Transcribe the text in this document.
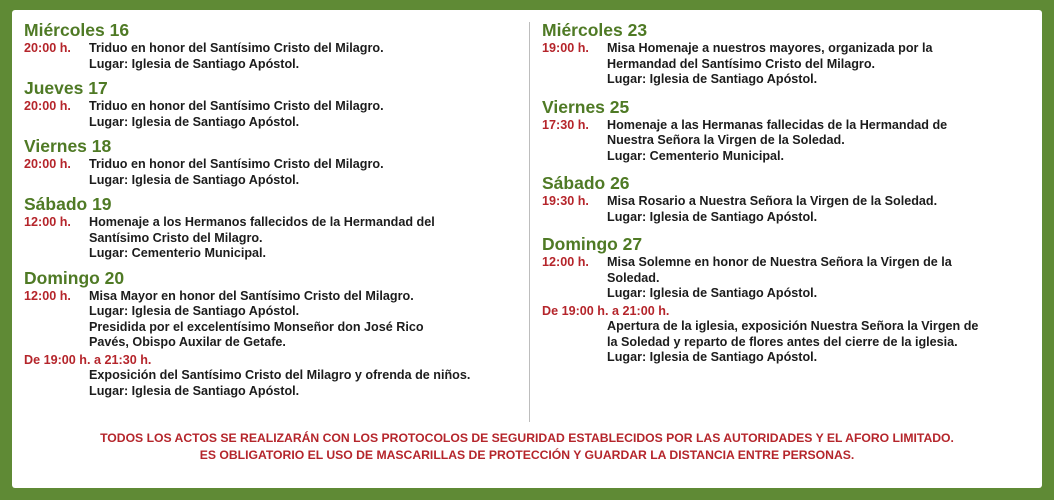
Miércoles 16
20:00 h.	Triduo en honor del Santísimo Cristo del Milagro.
Lugar: Iglesia de Santiago Apóstol.
Jueves 17
20:00 h.	Triduo en honor del Santísimo Cristo del Milagro.
Lugar: Iglesia de Santiago Apóstol.
Viernes 18
20:00 h.	Triduo en honor del Santísimo Cristo del Milagro.
Lugar: Iglesia de Santiago Apóstol.
Sábado 19
12:00 h.	Homenaje a los Hermanos fallecidos de la Hermandad del
Santísimo Cristo del Milagro.
Lugar: Cementerio Municipal.
Domingo 20
12:00 h.	Misa Mayor en honor del Santísimo Cristo del Milagro.
Lugar: Iglesia de Santiago Apóstol.
Presidida por el excelentísimo Monseñor don José Rico
Pavés, Obispo Auxilar de Getafe.
De 19:00 h. a 21:30 h.
Exposición del Santísimo Cristo del Milagro y ofrenda de niños.
Lugar: Iglesia de Santiago Apóstol.
Miércoles 23
19:00 h.	Misa Homenaje a nuestros mayores, organizada por la
Hermandad del Santísimo Cristo del Milagro.
Lugar: Iglesia de Santiago Apóstol.
Viernes 25
17:30 h.	Homenaje a las Hermanas fallecidas de la Hermandad de
Nuestra Señora la Virgen de la Soledad.
Lugar: Cementerio Municipal.
Sábado 26
19:30 h.	Misa Rosario a Nuestra Señora la Virgen de la Soledad.
Lugar: Iglesia de Santiago Apóstol.
Domingo 27
12:00 h.	Misa Solemne en honor de Nuestra Señora la Virgen de la
Soledad.
Lugar: Iglesia de Santiago Apóstol.
De 19:00 h. a 21:00 h.
Apertura de la iglesia, exposición Nuestra Señora la Virgen de
la Soledad y reparto de flores antes del cierre de la iglesia.
Lugar: Iglesia de Santiago Apóstol.
TODOS LOS ACTOS SE REALIZARÁN CON LOS PROTOCOLOS DE SEGURIDAD ESTABLECIDOS POR LAS AUTORIDADES Y EL AFORO LIMITADO.
ES OBLIGATORIO EL USO DE MASCARILLAS DE PROTECCIÓN Y GUARDAR LA DISTANCIA ENTRE PERSONAS.
